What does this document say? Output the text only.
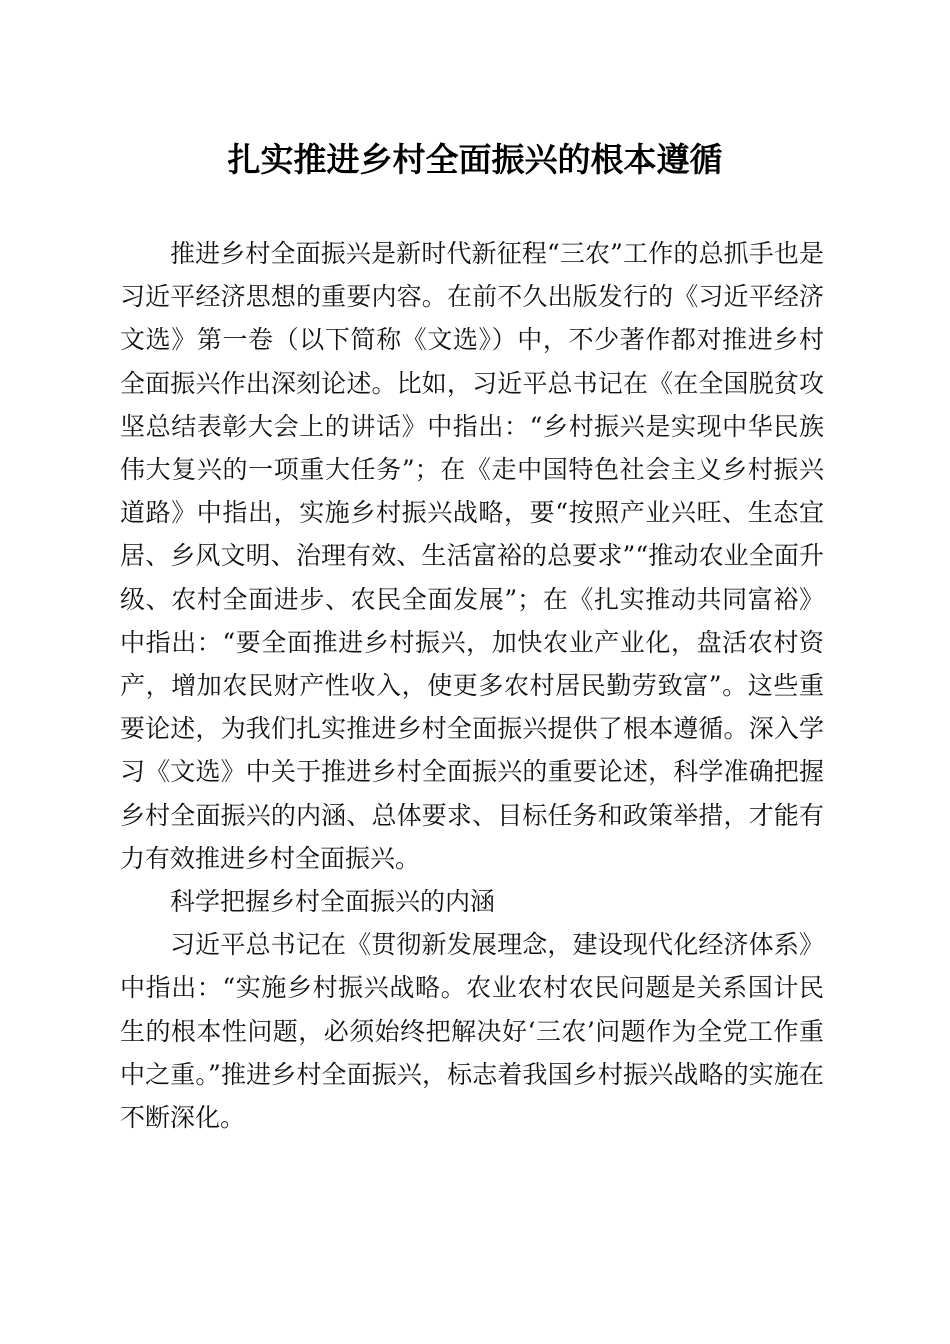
扎实推进乡村全面振兴的根本遵循

推进乡村全面振兴是新时代新征程“三农”工作的总抓手也是习近平经济思想的重要内容。在前不久出版发行的《习近平经济文选》第一卷（以下简称《文选》）中，不少著作都对推进乡村全面振兴作出深刻论述。比如，习近平总书记在《在全国脱贫攻坚总结表彰大会上的讲话》中指出：“乡村振兴是实现中华民族伟大复兴的一项重大任务”；在《走中国特色社会主义乡村振兴道路》中指出，实施乡村振兴战略，要“按照产业兴旺、生态宜居、乡风文明、治理有效、生活富裕的总要求”“推动农业全面升级、农村全面进步、农民全面发展”；在《扎实推动共同富裕》中指出：“要全面推进乡村振兴，加快农业产业化，盘活农村资产，增加农民财产性收入，使更多农村居民勤劳致富”。这些重要论述，为我们扎实推进乡村全面振兴提供了根本遵循。深入学习《文选》中关于推进乡村全面振兴的重要论述，科学准确把握乡村全面振兴的内涵、总体要求、目标任务和政策举措，才能有力有效推进乡村全面振兴。

科学把握乡村全面振兴的内涵

习近平总书记在《贯彻新发展理念，建设现代化经济体系》中指出：“实施乡村振兴战略。农业农村农民问题是关系国计民生的根本性问题，必须始终把解决好‘三农’问题作为全党工作重中之重。”推进乡村全面振兴，标志着我国乡村振兴战略的实施在不断深化。
